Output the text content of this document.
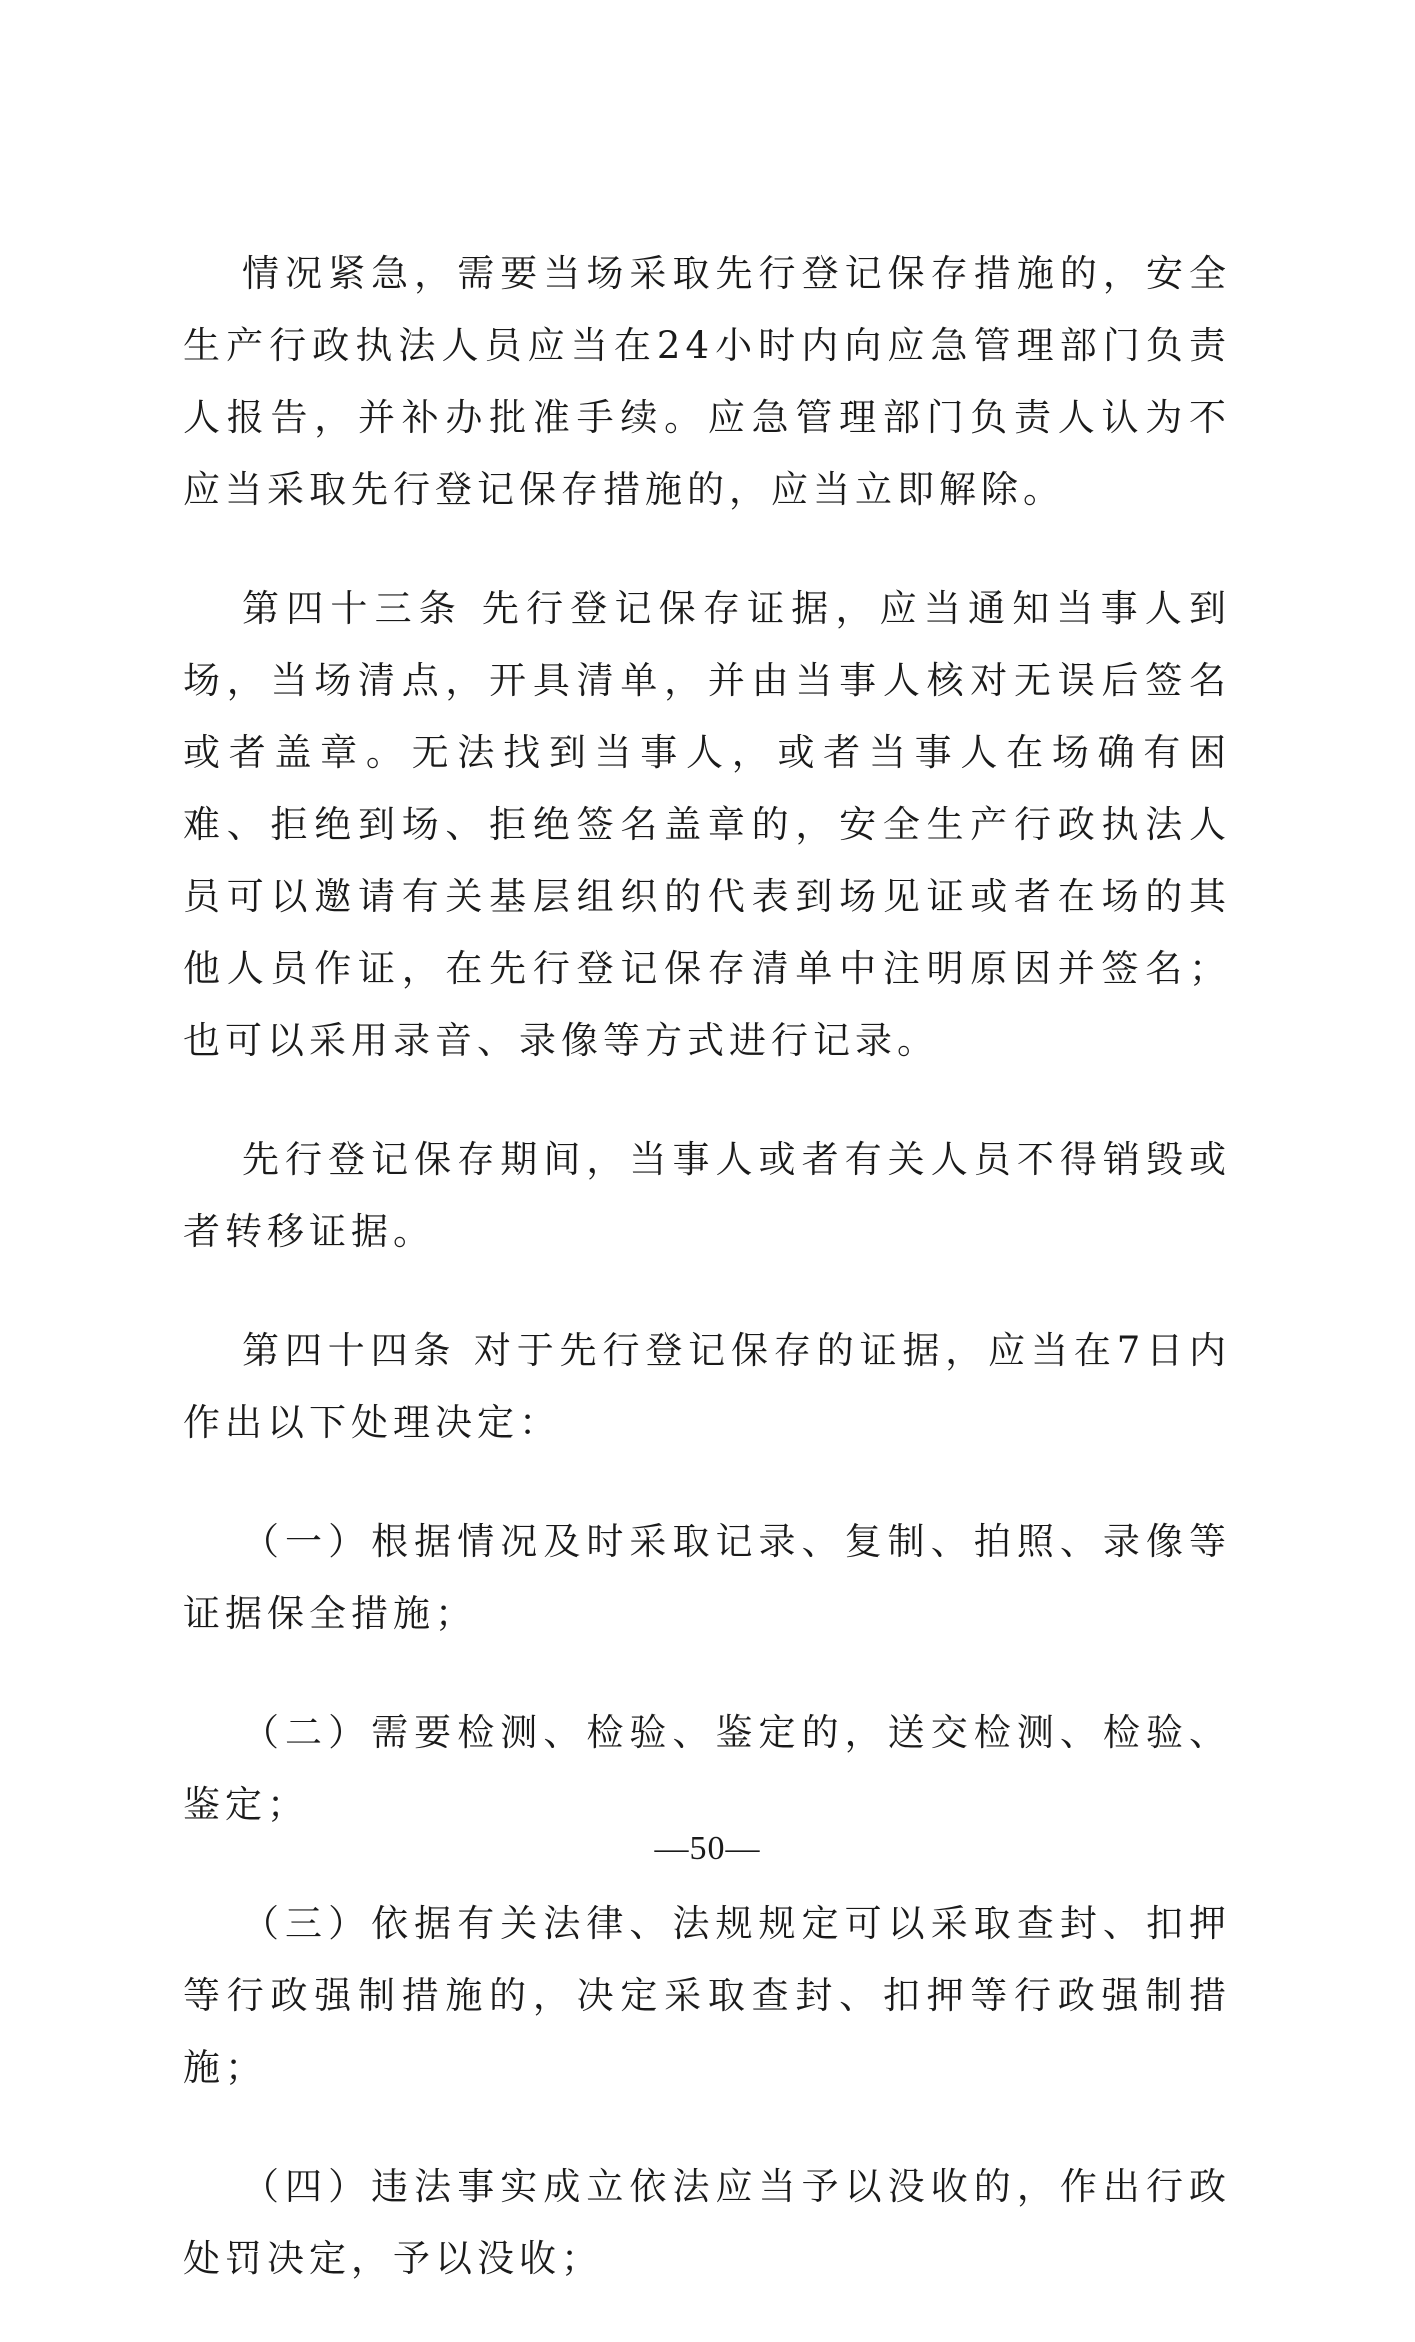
情况紧急，需要当场采取先行登记保存措施的，安全生产行政执法人员应当在24小时内向应急管理部门负责人报告，并补办批准手续。应急管理部门负责人认为不应当采取先行登记保存措施的，应当立即解除。

第四十三条 先行登记保存证据，应当通知当事人到场，当场清点，开具清单，并由当事人核对无误后签名或者盖章。无法找到当事人，或者当事人在场确有困难、拒绝到场、拒绝签名盖章的，安全生产行政执法人员可以邀请有关基层组织的代表到场见证或者在场的其他人员作证，在先行登记保存清单中注明原因并签名；也可以采用录音、录像等方式进行记录。

先行登记保存期间，当事人或者有关人员不得销毁或者转移证据。

第四十四条 对于先行登记保存的证据，应当在7日内作出以下处理决定：

（一）根据情况及时采取记录、复制、拍照、录像等证据保全措施；

（二）需要检测、检验、鉴定的，送交检测、检验、鉴定；

（三）依据有关法律、法规规定可以采取查封、扣押等行政强制措施的，决定采取查封、扣押等行政强制措施；

（四）违法事实成立依法应当予以没收的，作出行政处罚决定，予以没收；

—50—
